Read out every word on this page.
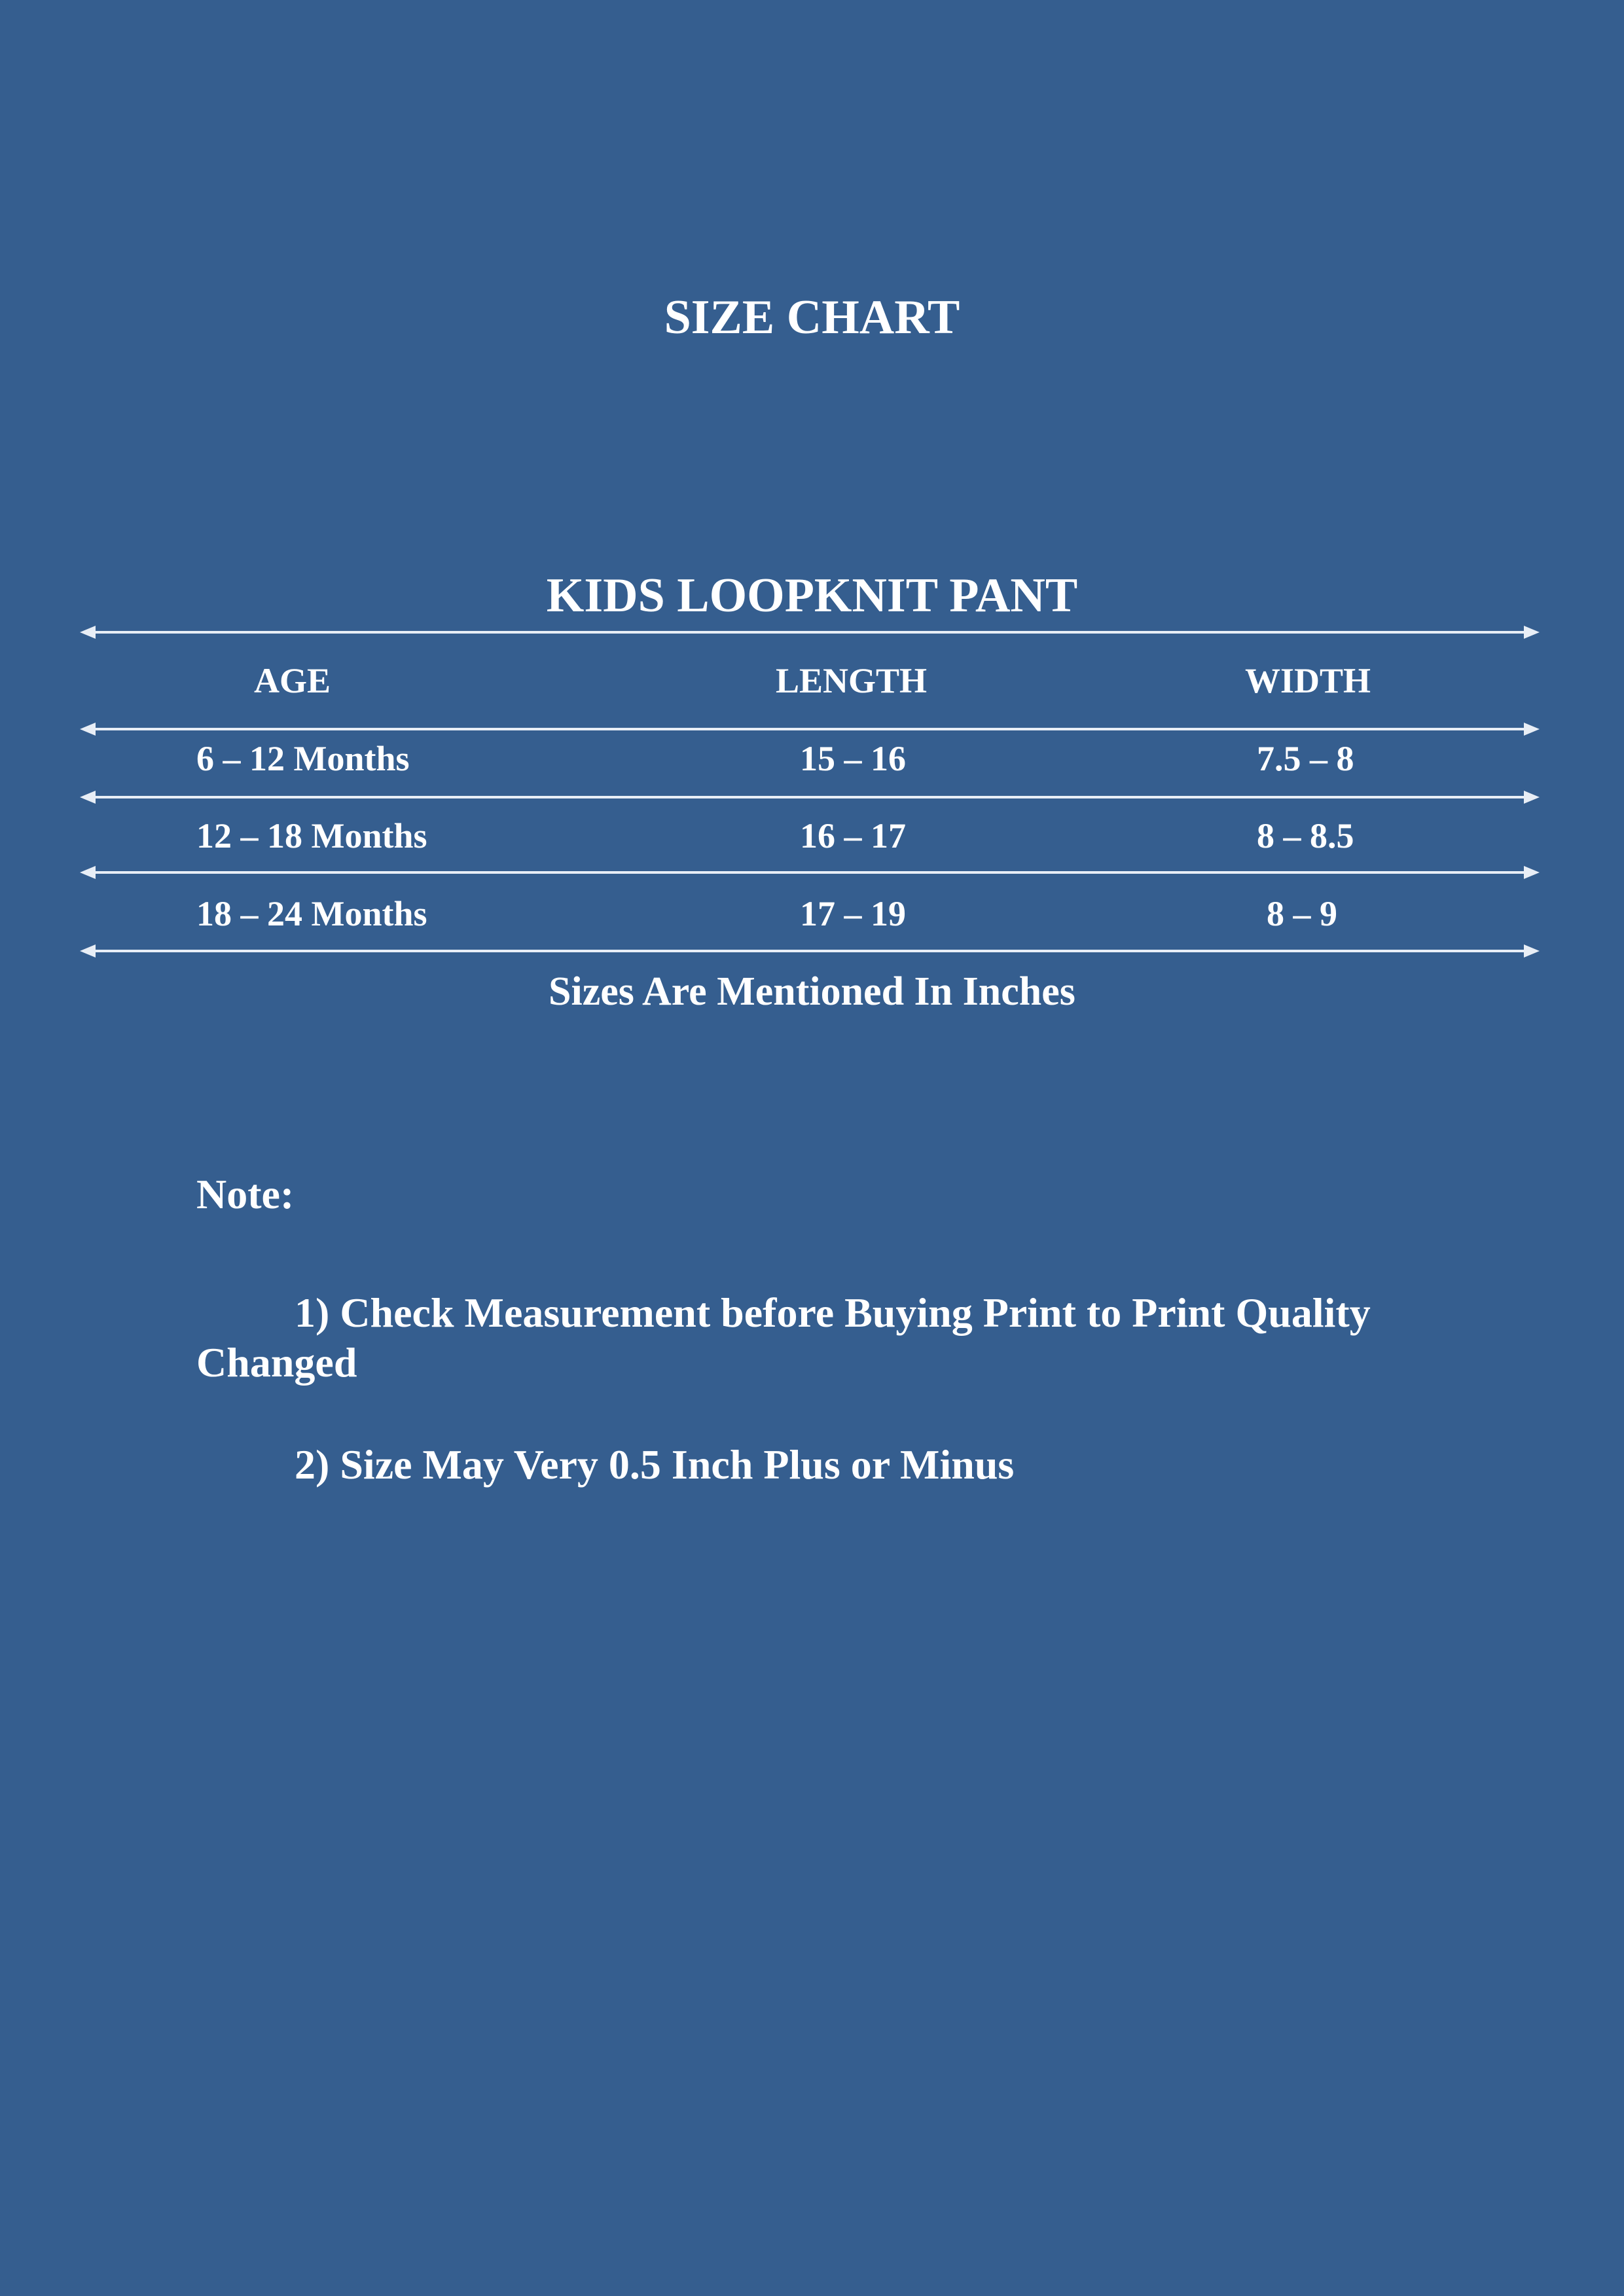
SIZE CHART
KIDS LOOPKNIT PANT
AGE	LENGTH	WIDTH
6 – 12 Months	15 – 16	7.5 – 8
12 – 18 Months	16 – 17	8 – 8.5
18 – 24 Months	17 – 19	8 – 9
Sizes Are Mentioned In Inches
Note:
1) Check Measurement before Buying Print to Print Quality Changed
2) Size May Very 0.5 Inch Plus or Minus
